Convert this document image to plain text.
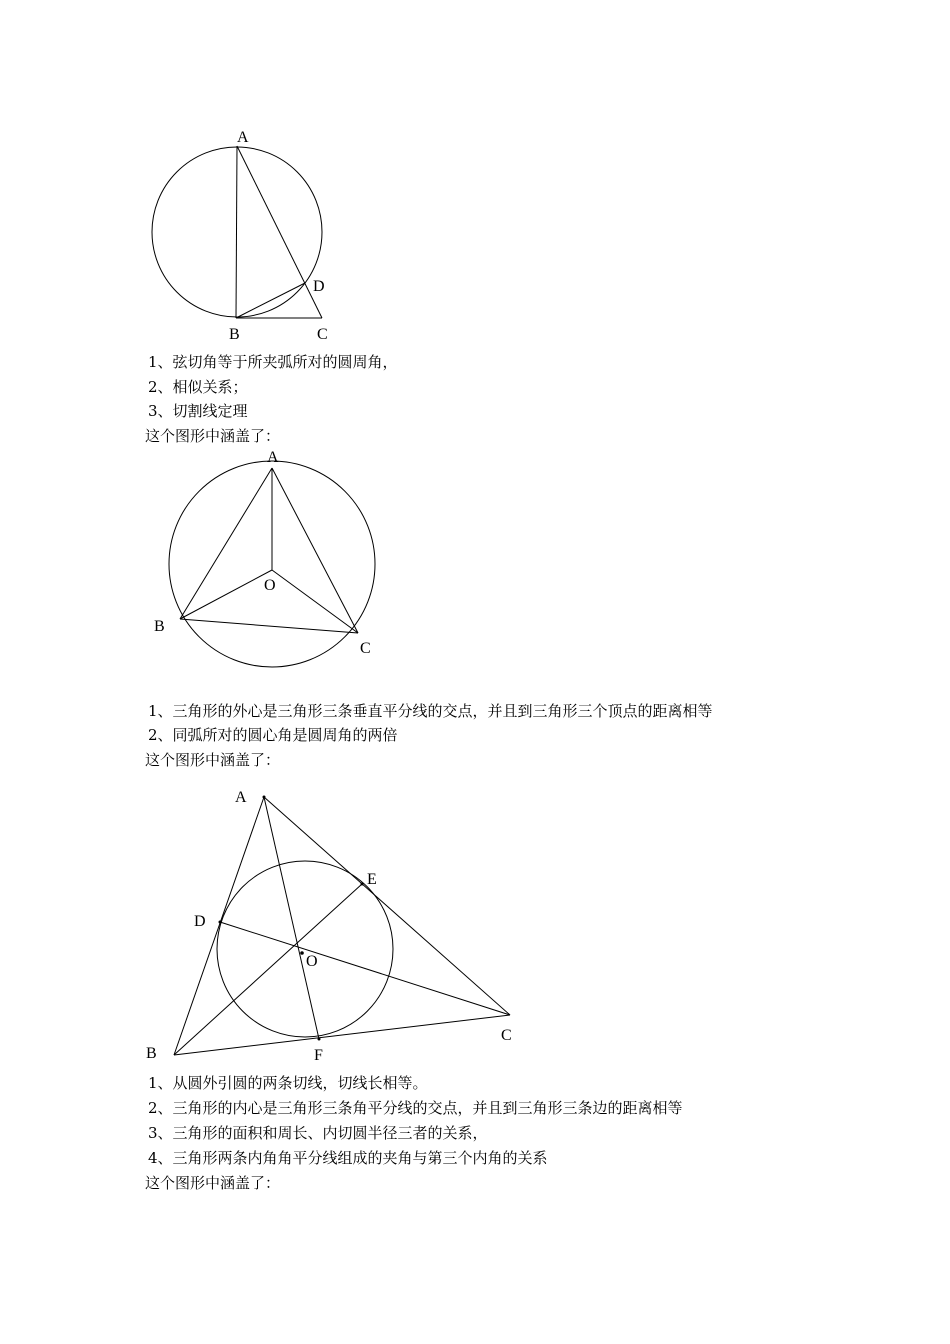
A
B	C
D
1、弦切角等于所夹弧所对的圆周角，
2、相似关系；
3、切割线定理
这个图形中涵盖了：
A
O
B
C
1、三角形的外心是三角形三条垂直平分线的交点，并且到三角形三个顶点的距离相等
2、同弧所对的圆心角是圆周角的两倍
这个图形中涵盖了：
A
E
D
O
C
B	F
1、从圆外引圆的两条切线，切线长相等。
2、三角形的内心是三角形三条角平分线的交点，并且到三角形三条边的距离相等
3、三角形的面积和周长、内切圆半径三者的关系，
4、三角形两条内角角平分线组成的夹角与第三个内角的关系
这个图形中涵盖了：
